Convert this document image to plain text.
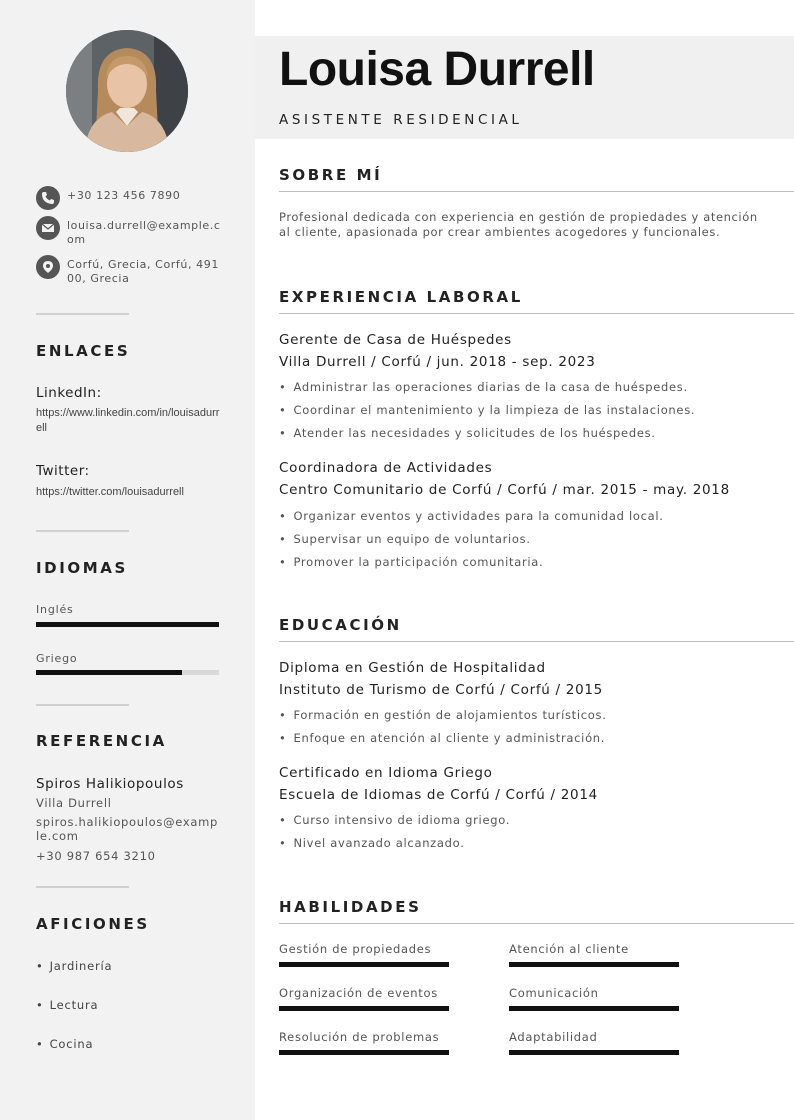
+30 123 456 7890
louisa.durrell@example.com
Corfú, Grecia, Corfú, 49100, Grecia
ENLACES
LinkedIn:
https://www.linkedin.com/in/louisadurrell
Twitter:
https://twitter.com/louisadurrell
IDIOMAS
Inglés
Griego
REFERENCIA
Spiros Halikiopoulos
Villa Durrell
spiros.halikiopoulos@example.com
+30 987 654 3210
AFICIONES
• Jardinería
• Lectura
• Cocina
Louisa Durrell
ASISTENTE RESIDENCIAL
SOBRE MÍ
Profesional dedicada con experiencia en gestión de propiedades y atención al cliente, apasionada por crear ambientes acogedores y funcionales.
EXPERIENCIA LABORAL
Gerente de Casa de Huéspedes
Villa Durrell / Corfú / jun. 2018 - sep. 2023
• Administrar las operaciones diarias de la casa de huéspedes.
• Coordinar el mantenimiento y la limpieza de las instalaciones.
• Atender las necesidades y solicitudes de los huéspedes.
Coordinadora de Actividades
Centro Comunitario de Corfú / Corfú / mar. 2015 - may. 2018
• Organizar eventos y actividades para la comunidad local.
• Supervisar un equipo de voluntarios.
• Promover la participación comunitaria.
EDUCACIÓN
Diploma en Gestión de Hospitalidad
Instituto de Turismo de Corfú / Corfú / 2015
• Formación en gestión de alojamientos turísticos.
• Enfoque en atención al cliente y administración.
Certificado en Idioma Griego
Escuela de Idiomas de Corfú / Corfú / 2014
• Curso intensivo de idioma griego.
• Nivel avanzado alcanzado.
HABILIDADES
Gestión de propiedades	Atención al cliente
Organización de eventos	Comunicación
Resolución de problemas	Adaptabilidad
